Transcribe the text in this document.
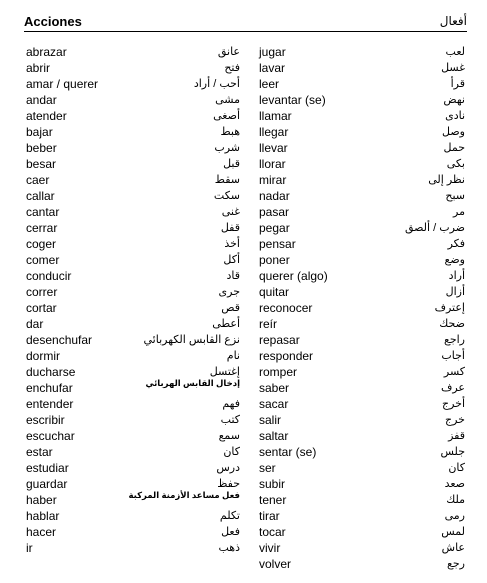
Acciones	أفعال
abrazar	عانق
abrir	فتح
amar / querer	أحب / أراد
andar	مشى
atender	أصغى
bajar	هبط
beber	شرب
besar	قبل
caer	سقط
callar	سكت
cantar	غنى
cerrar	قفل
coger	أخذ
comer	أكل
conducir	قاد
correr	جرى
cortar	قص
dar	أعطى
desenchufar	نزع القابس الكهربائي
dormir	نام
ducharse	إغتسل
enchufar	إدخال القابس الهربائي
entender	فهم
escribir	كتب
escuchar	سمع
estar	كان
estudiar	درس
guardar	حفظ
haber	فعل مساعد الأزمنة المركبة
hablar	تكلم
hacer	فعل
ir	ذهب
jugar	لعب
lavar	غسل
leer	قرأ
levantar (se)	نهض
llamar	نادى
llegar	وصل
llevar	حمل
llorar	بكى
mirar	نظر إلى
nadar	سبح
pasar	مر
pegar	ضرب / ألصق
pensar	فكر
poner	وضع
querer (algo)	أراد
quitar	أزال
reconocer	إعترف
reír	ضحك
repasar	راجع
responder	أجاب
romper	كسر
saber	عرف
sacar	أخرج
salir	خرج
saltar	قفز
sentar (se)	جلس
ser	كان
subir	صعد
tener	ملك
tirar	رمى
tocar	لمس
vivir	عاش
volver	رجع
